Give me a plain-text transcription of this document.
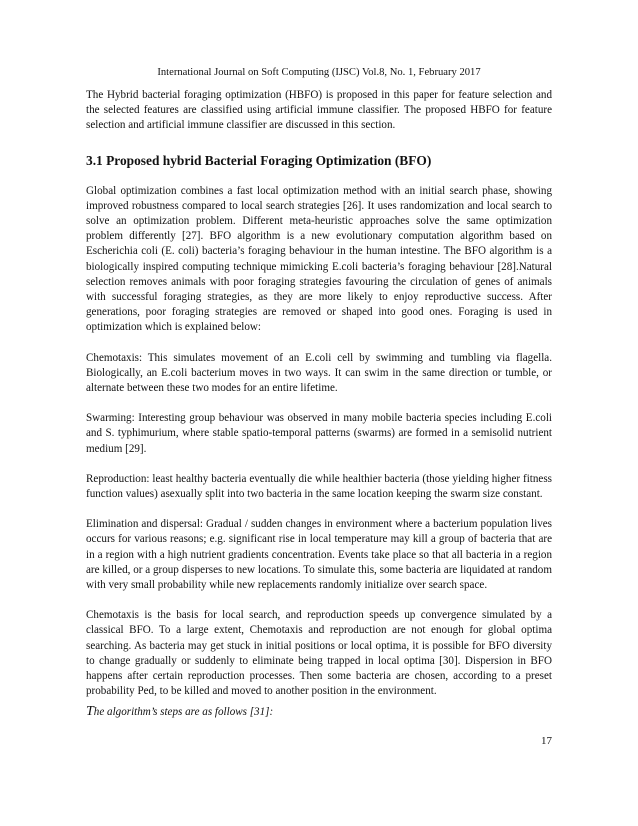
International Journal on Soft Computing (IJSC) Vol.8, No. 1, February 2017

The Hybrid bacterial foraging optimization (HBFO) is proposed in this paper for feature selection and the selected features are classified using artificial immune classifier. The proposed HBFO for feature selection and artificial immune classifier are discussed in this section.

3.1 Proposed hybrid Bacterial Foraging Optimization (BFO)

Global optimization combines a fast local optimization method with an initial search phase, showing improved robustness compared to local search strategies [26]. It uses randomization and local search to solve an optimization problem. Different meta-heuristic approaches solve the same optimization problem differently [27]. BFO algorithm is a new evolutionary computation algorithm based on Escherichia coli (E. coli) bacteria’s foraging behaviour in the human intestine. The BFO algorithm is a biologically inspired computing technique mimicking E.coli bacteria’s foraging behaviour [28].Natural selection removes animals with poor foraging strategies favouring the circulation of genes of animals with successful foraging strategies, as they are more likely to enjoy reproductive success. After generations, poor foraging strategies are removed or shaped into good ones. Foraging is used in optimization which is explained below:

Chemotaxis: This simulates movement of an E.coli cell by swimming and tumbling via flagella. Biologically, an E.coli bacterium moves in two ways. It can swim in the same direction or tumble, or alternate between these two modes for an entire lifetime.

Swarming: Interesting group behaviour was observed in many mobile bacteria species including E.coli and S. typhimurium, where stable spatio-temporal patterns (swarms) are formed in a semisolid nutrient medium [29].

Reproduction: least healthy bacteria eventually die while healthier bacteria (those yielding higher fitness function values) asexually split into two bacteria in the same location keeping the swarm size constant.

Elimination and dispersal: Gradual / sudden changes in environment where a bacterium population lives occurs for various reasons; e.g. significant rise in local temperature may kill a group of bacteria that are in a region with a high nutrient gradients concentration. Events take place so that all bacteria in a region are killed, or a group disperses to new locations. To simulate this, some bacteria are liquidated at random with very small probability while new replacements randomly initialize over search space.

Chemotaxis is the basis for local search, and reproduction speeds up convergence simulated by a classical BFO. To a large extent, Chemotaxis and reproduction are not enough for global optima searching. As bacteria may get stuck in initial positions or local optima, it is possible for BFO diversity to change gradually or suddenly to eliminate being trapped in local optima [30]. Dispersion in BFO happens after certain reproduction processes. Then some bacteria are chosen, according to a preset probability Ped, to be killed and moved to another position in the environment.

The algorithm’s steps are as follows [31]:
17
